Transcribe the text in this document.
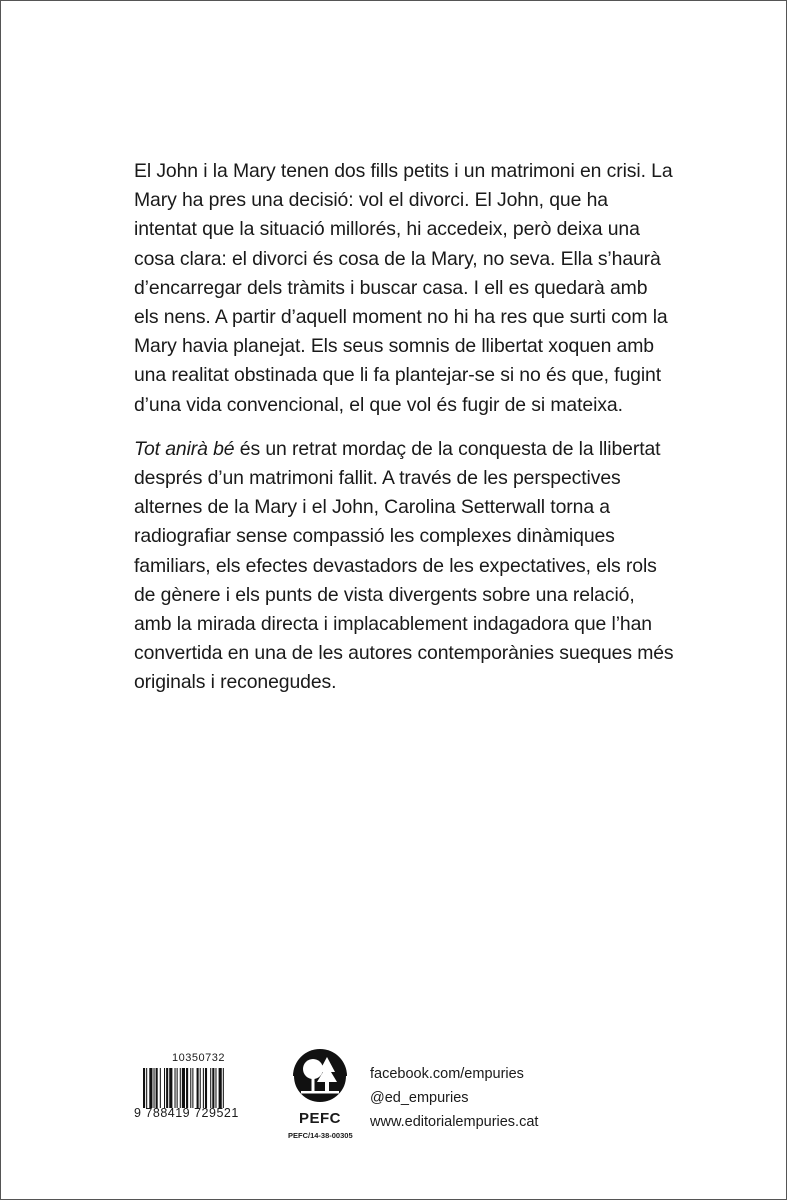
El John i la Mary tenen dos fills petits i un matrimoni en crisi. La Mary ha pres una decisió: vol el divorci. El John, que ha intentat que la situació millorés, hi accedeix, però deixa una cosa clara: el divorci és cosa de la Mary, no seva. Ella s’haurà d’encarregar dels tràmits i buscar casa. I ell es quedarà amb els nens. A partir d’aquell moment no hi ha res que surti com la Mary havia planejat. Els seus somnis de llibertat xoquen amb una realitat obstinada que li fa plantejar-se si no és que, fugint d’una vida convencional, el que vol és fugir de si mateixa.

Tot anirà bé és un retrat mordaç de la conquesta de la llibertat després d’un matrimoni fallit. A través de les perspectives alternes de la Mary i el John, Carolina Setterwall torna a radiografiar sense compassió les complexes dinàmiques familiars, els efectes devastadors de les expectatives, els rols de gènere i els punts de vista divergents sobre una relació, amb la mirada directa i implacablement indagadora que l’han convertida en una de les autores contemporànies sueques més originals i reconegudes.

10350732
9 788419 729521	PEFC
PEFC/14-38-00305
facebook.com/empuries
@ed_empuries
www.editorialempuries.cat
